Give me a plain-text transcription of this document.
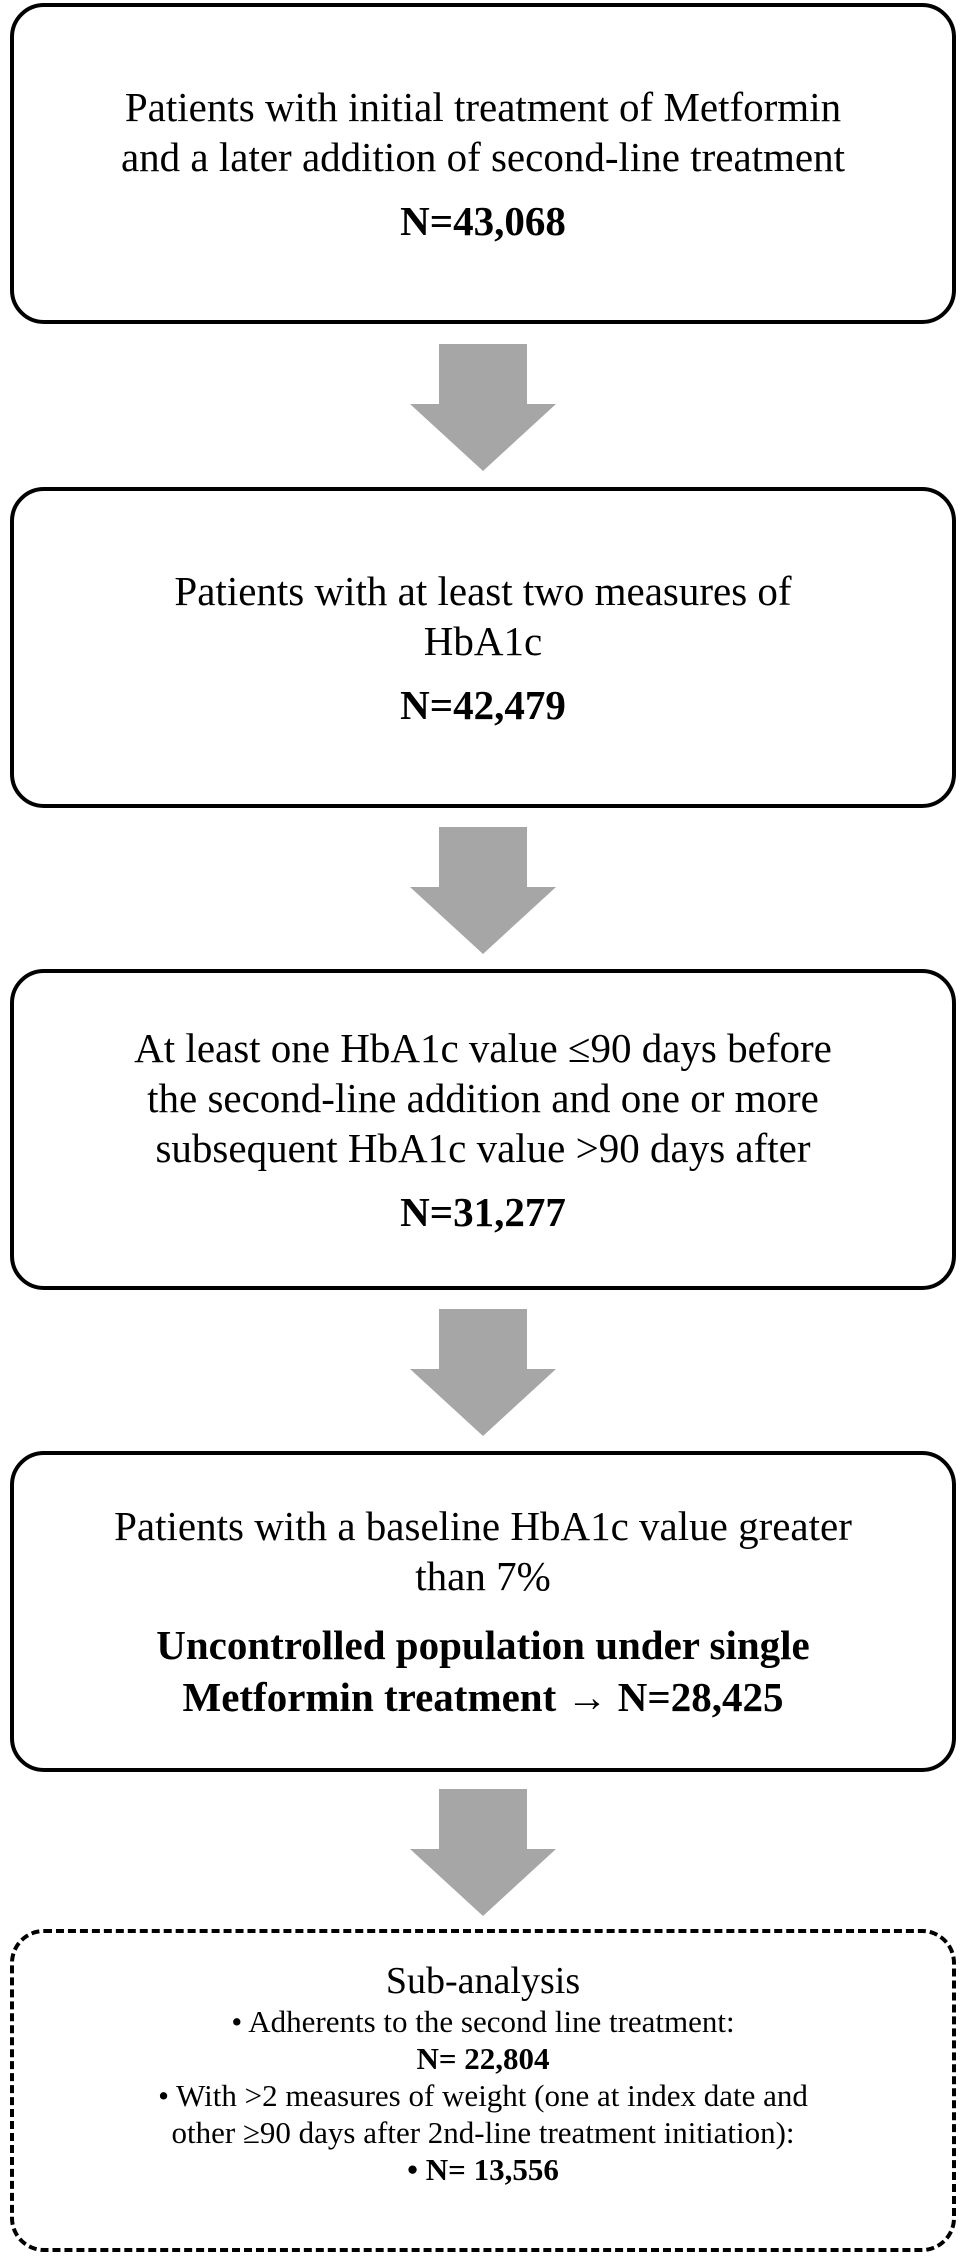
Patients with initial treatment of Metformin
and a later addition of second-line treatment
N=43,068
Patients with at least two measures of
HbA1c
N=42,479
At least one HbA1c value ≤90 days before
the second-line addition and one or more
subsequent HbA1c value >90 days after
N=31,277
Patients with a baseline HbA1c value greater
than 7%
Uncontrolled population under single
Metformin treatment → N=28,425
Sub-analysis
• Adherents to the second line treatment:
N= 22,804
• With >2 measures of weight (one at index date and
other ≥90 days after 2nd-line treatment initiation):
• N= 13,556
